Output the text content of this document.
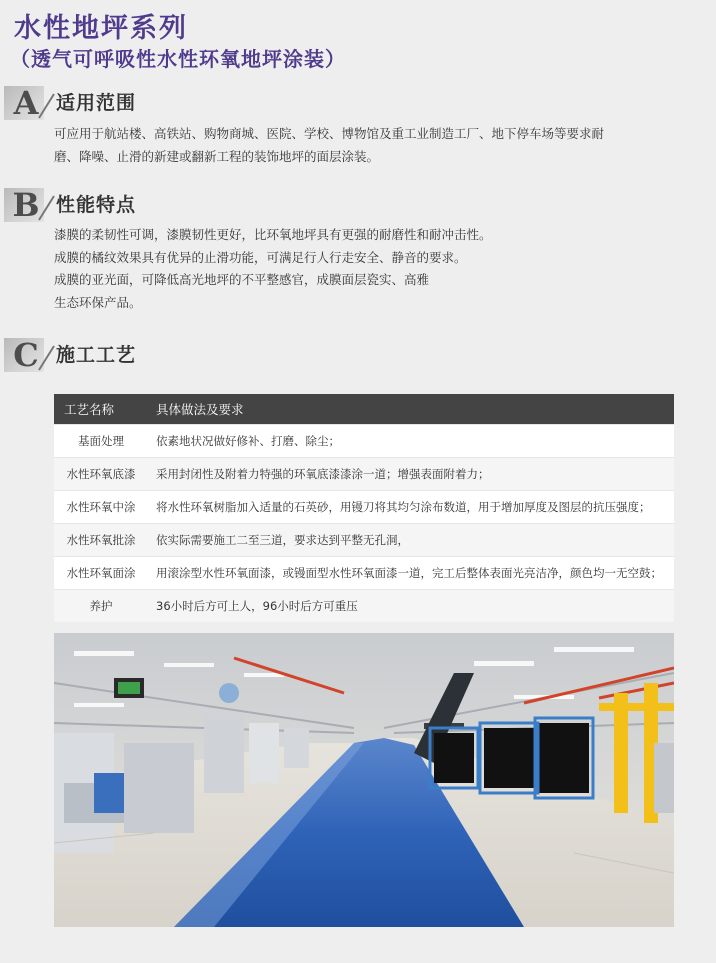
水性地坪系列
（透气可呼吸性水性环氧地坪涂装）
A 适用范围

可应用于航站楼、高铁站、购物商城、医院、学校、博物馆及重工业制造工厂、地下停车场等要求耐

磨、降噪、止滑的新建或翻新工程的装饰地坪的面层涂装。

B 性能特点

漆膜的柔韧性可调，漆膜韧性更好，比环氧地坪具有更强的耐磨性和耐冲击性。

成膜的橘纹效果具有优异的止滑功能，可满足行人行走安全、静音的要求。

成膜的亚光面，可降低高光地坪的不平整感官，成膜面层瓷实、高雅

生态环保产品。

C 施工工艺
工艺名称	具体做法及要求
基面处理	依素地状况做好修补、打磨、除尘；
水性环氧底漆	采用封闭性及附着力特强的环氧底漆漆涂一道；增强表面附着力；
水性环氧中涂	将水性环氧树脂加入适量的石英砂，用镘刀将其均匀涂布数道，用于增加厚度及图层的抗压强度；
水性环氧批涂	依实际需要施工二至三道，要求达到平整无孔洞，
水性环氧面涂	用滚涂型水性环氧面漆，或镘面型水性环氧面漆一道，完工后整体表面光亮洁净，颜色均一无空鼓；
养护	36小时后方可上人，96小时后方可重压
